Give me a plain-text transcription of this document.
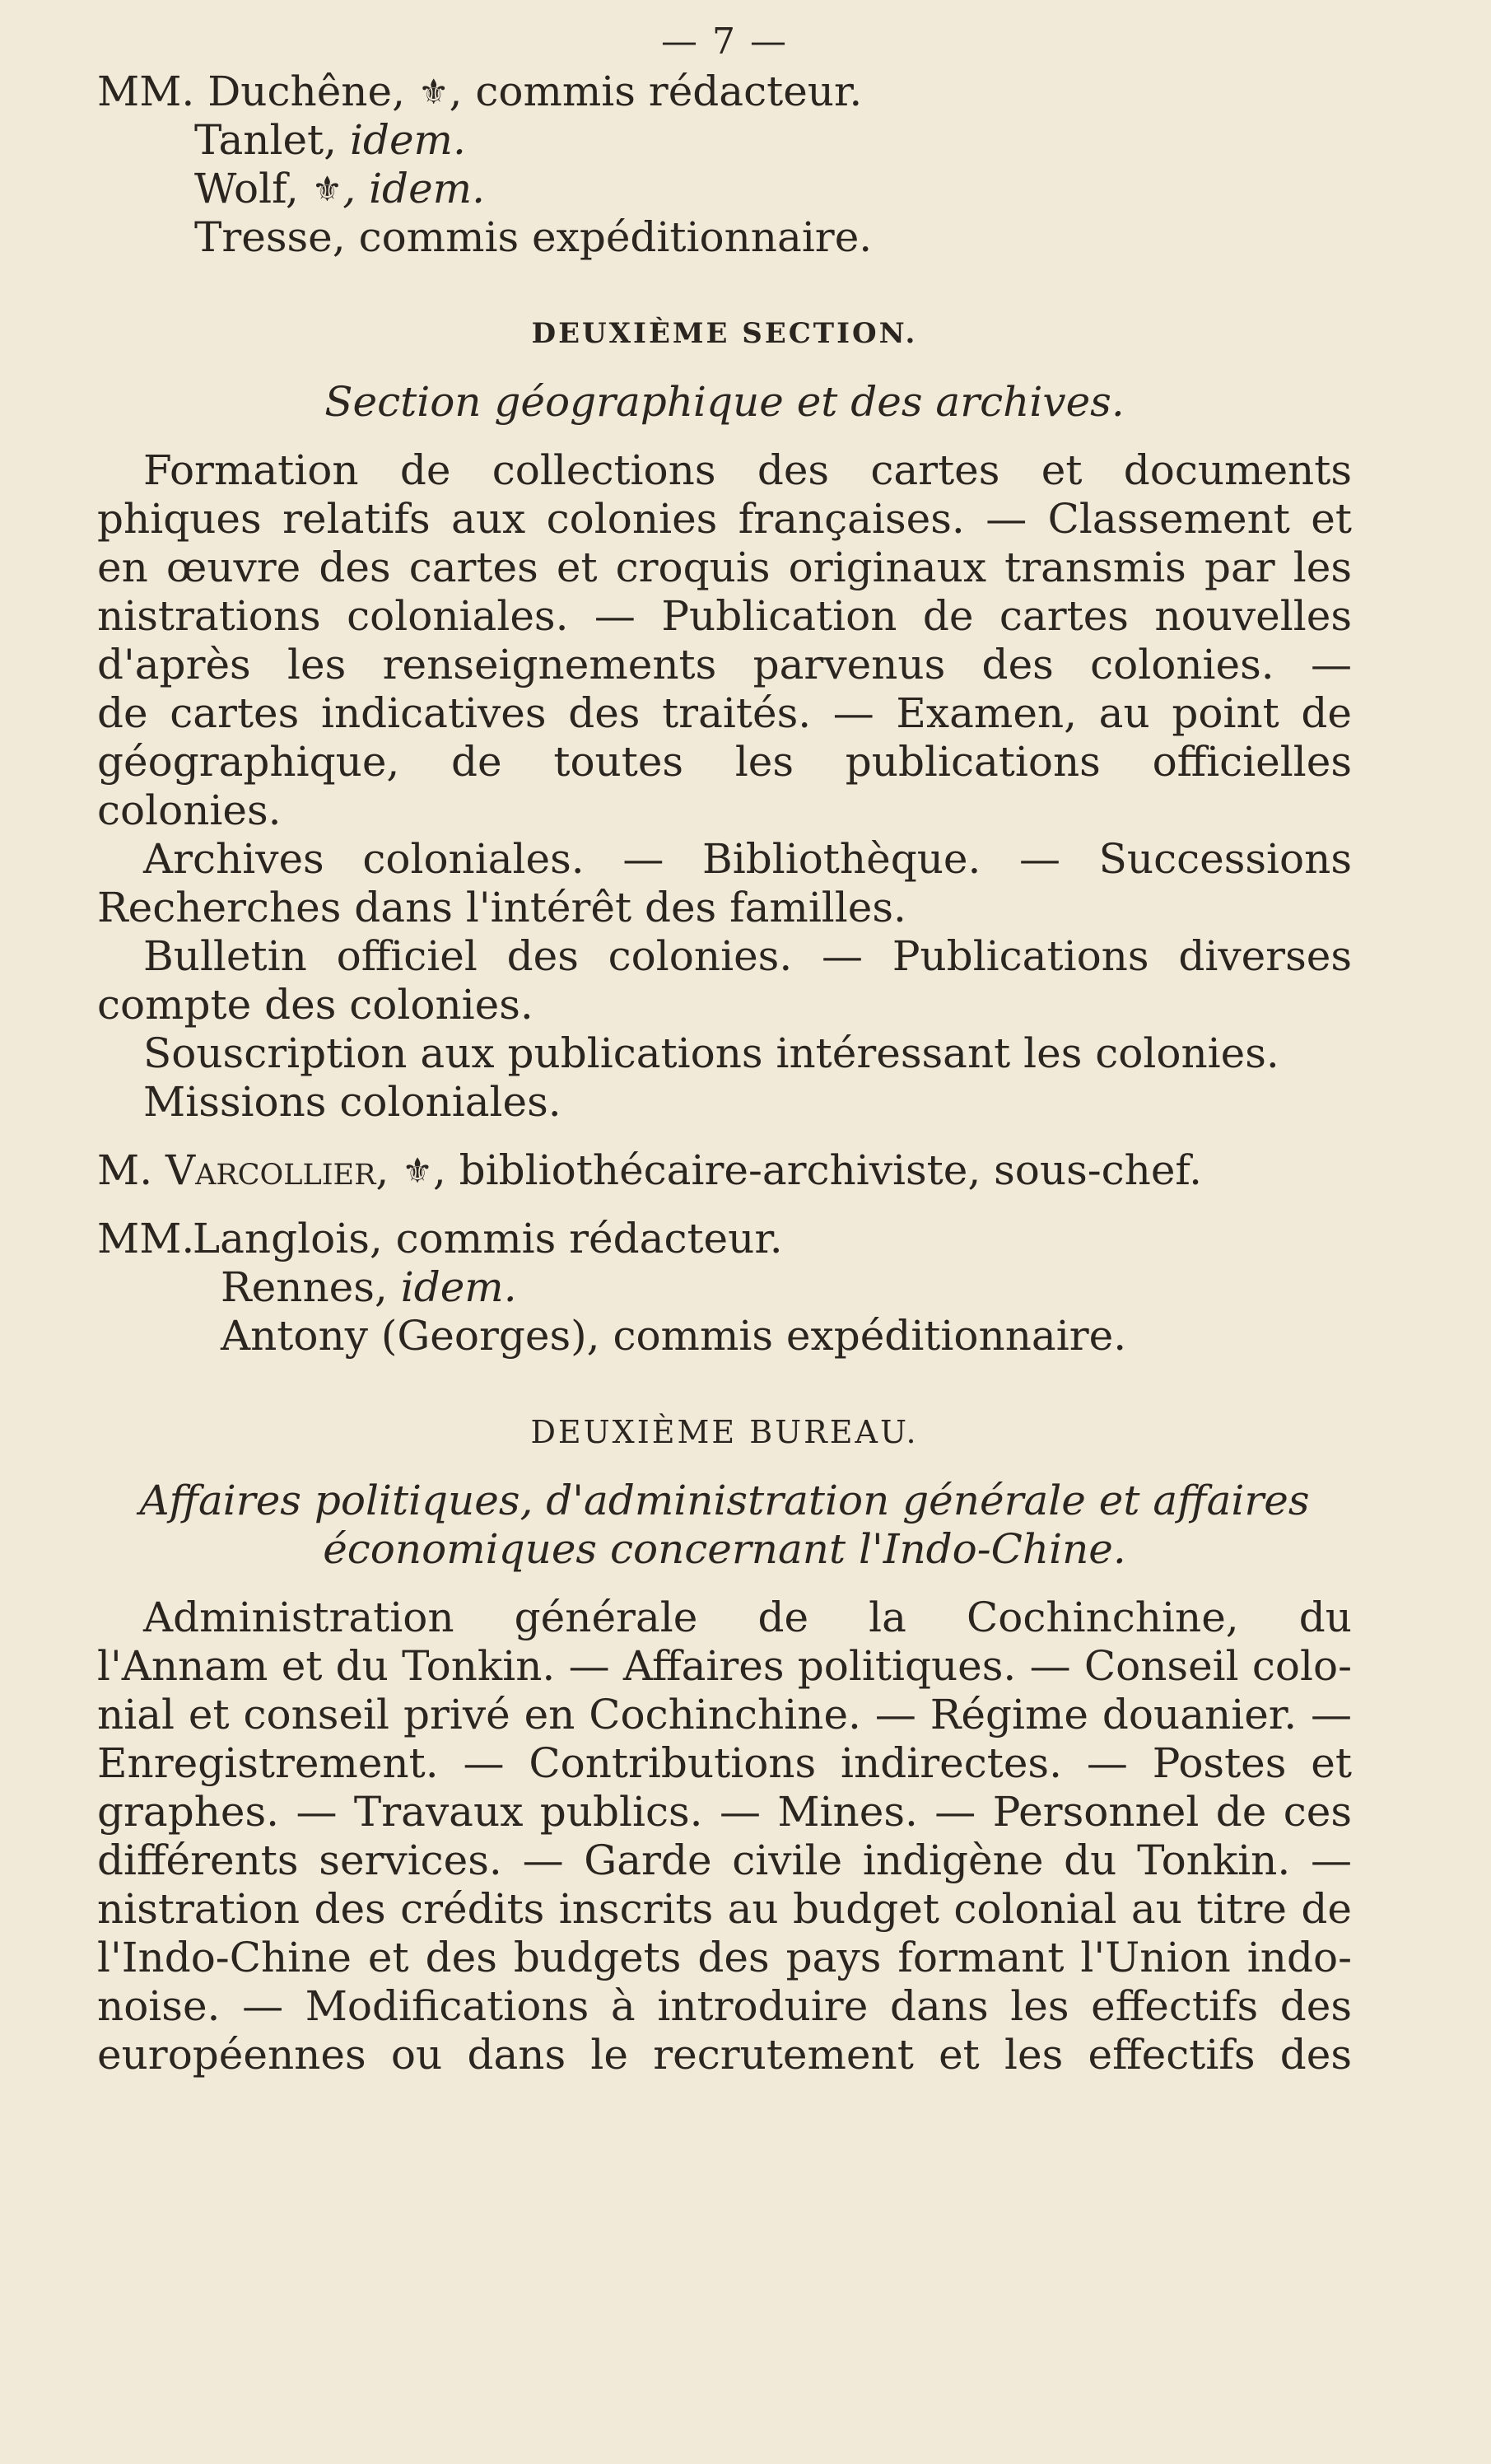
— 7 —
MM. Duchêne, ⚜, commis rédacteur.
Tanlet, idem.
Wolf, ⚜, idem.
Tresse, commis expéditionnaire.
DEUXIÈME SECTION.
Section géographique et des archives.
Formation de collections des cartes et documents
phiques relatifs aux colonies françaises. — Classement et
en œuvre des cartes et croquis originaux transmis par les
nistrations coloniales. — Publication de cartes nouvelles
d'après les renseignements parvenus des colonies. —
de cartes indicatives des traités. — Examen, au point de
géographique, de toutes les publications officielles
colonies.
Archives coloniales. — Bibliothèque. — Successions
Recherches dans l'intérêt des familles.
Bulletin officiel des colonies. — Publications diverses
compte des colonies.
Souscription aux publications intéressant les colonies.
Missions coloniales.
M. Varcollier, ⚜, bibliothécaire-archiviste, sous-chef.
MM. Langlois, commis rédacteur.
Rennes, idem.
Antony (Georges), commis expéditionnaire.
DEUXIÈME BUREAU.
Affaires politiques, d'administration générale et affaires
économiques concernant l'Indo-Chine.
Administration générale de la Cochinchine, du
l'Annam et du Tonkin. — Affaires politiques. — Conseil colo-
nial et conseil privé en Cochinchine. — Régime douanier. —
Enregistrement. — Contributions indirectes. — Postes et
graphes. — Travaux publics. — Mines. — Personnel de ces
différents services. — Garde civile indigène du Tonkin. —
nistration des crédits inscrits au budget colonial au titre de
l'Indo-Chine et des budgets des pays formant l'Union indo-
noise. — Modifications à introduire dans les effectifs des
européennes ou dans le recrutement et les effectifs des
